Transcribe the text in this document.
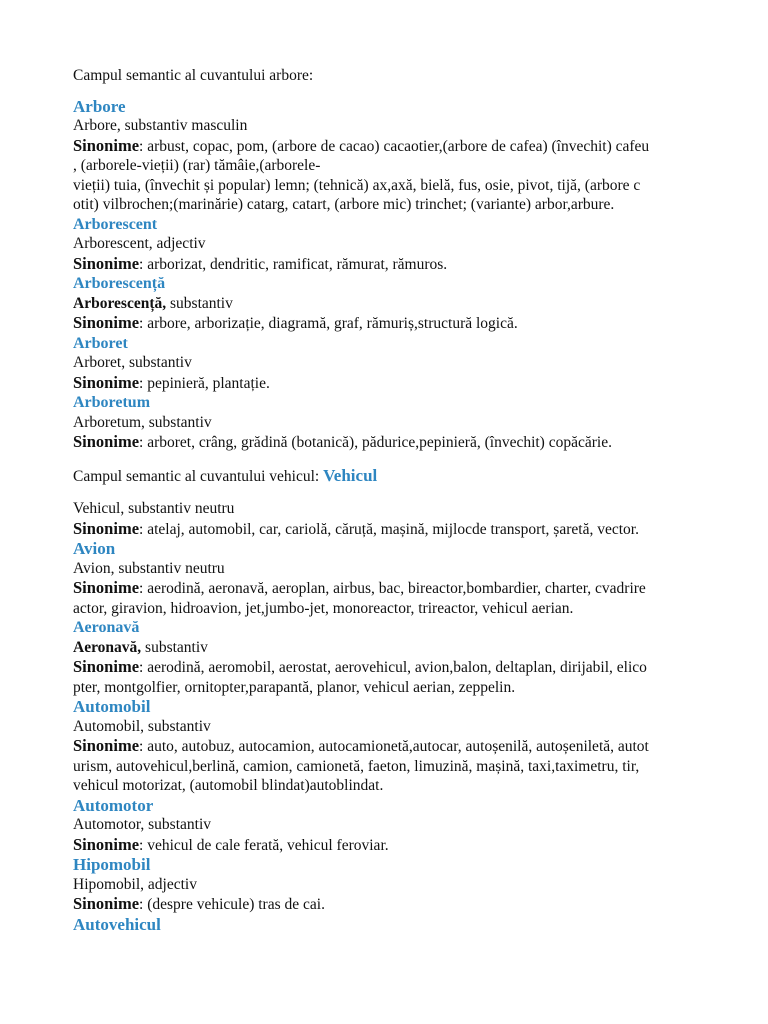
Campul semantic al cuvantului arbore:

Arbore

Arbore, substantiv masculin

Sinonime: arbust, copac, pom, (arbore de cacao) cacaotier,(arbore de cafea) (învechit) cafeu

, (arborele-vieții) (rar) tămâie,(arborele-

vieții) tuia, (învechit și popular) lemn; (tehnică) ax,axă, bielă, fus, osie, pivot, tijă, (arbore c

otit) vilbrochen;(marinărie) catarg, catart, (arbore mic) trinchet; (variante) arbor,arbure.

Arborescent

Arborescent, adjectiv

Sinonime: arborizat, dendritic, ramificat, rămurat, rămuros.

Arborescență

Arborescență, substantiv

Sinonime: arbore, arborizație, diagramă, graf, rămuriș,structură logică.

Arboret

Arboret, substantiv

Sinonime: pepinieră, plantație.

Arboretum

Arboretum, substantiv

Sinonime: arboret, crâng, grădină (botanică), pădurice,pepinieră, (învechit) copăcărie.

Campul semantic al cuvantului vehicul: Vehicul

Vehicul, substantiv neutru

Sinonime: atelaj, automobil, car, cariolă, căruță, mașină, mijlocde transport, șaretă, vector.

Avion

Avion, substantiv neutru

Sinonime: aerodină, aeronavă, aeroplan, airbus, bac, bireactor,bombardier, charter, cvadrire

actor, giravion, hidroavion, jet,jumbo-jet, monoreactor, trireactor, vehicul aerian.

Aeronavă

Aeronavă, substantiv

Sinonime: aerodină, aeromobil, aerostat, aerovehicul, avion,balon, deltaplan, dirijabil, elico

pter, montgolfier, ornitopter,parapantă, planor, vehicul aerian, zeppelin.

Automobil

Automobil, substantiv

Sinonime: auto, autobuz, autocamion, autocamionetă,autocar, autoșenilă, autoșeniletă, autot

urism, autovehicul,berlină, camion, camionetă, faeton, limuzină, mașină, taxi,taximetru, tir,

vehicul motorizat, (automobil blindat)autoblindat.

Automotor

Automotor, substantiv

Sinonime: vehicul de cale ferată, vehicul feroviar.

Hipomobil

Hipomobil, adjectiv

Sinonime: (despre vehicule) tras de cai.

Autovehicul
